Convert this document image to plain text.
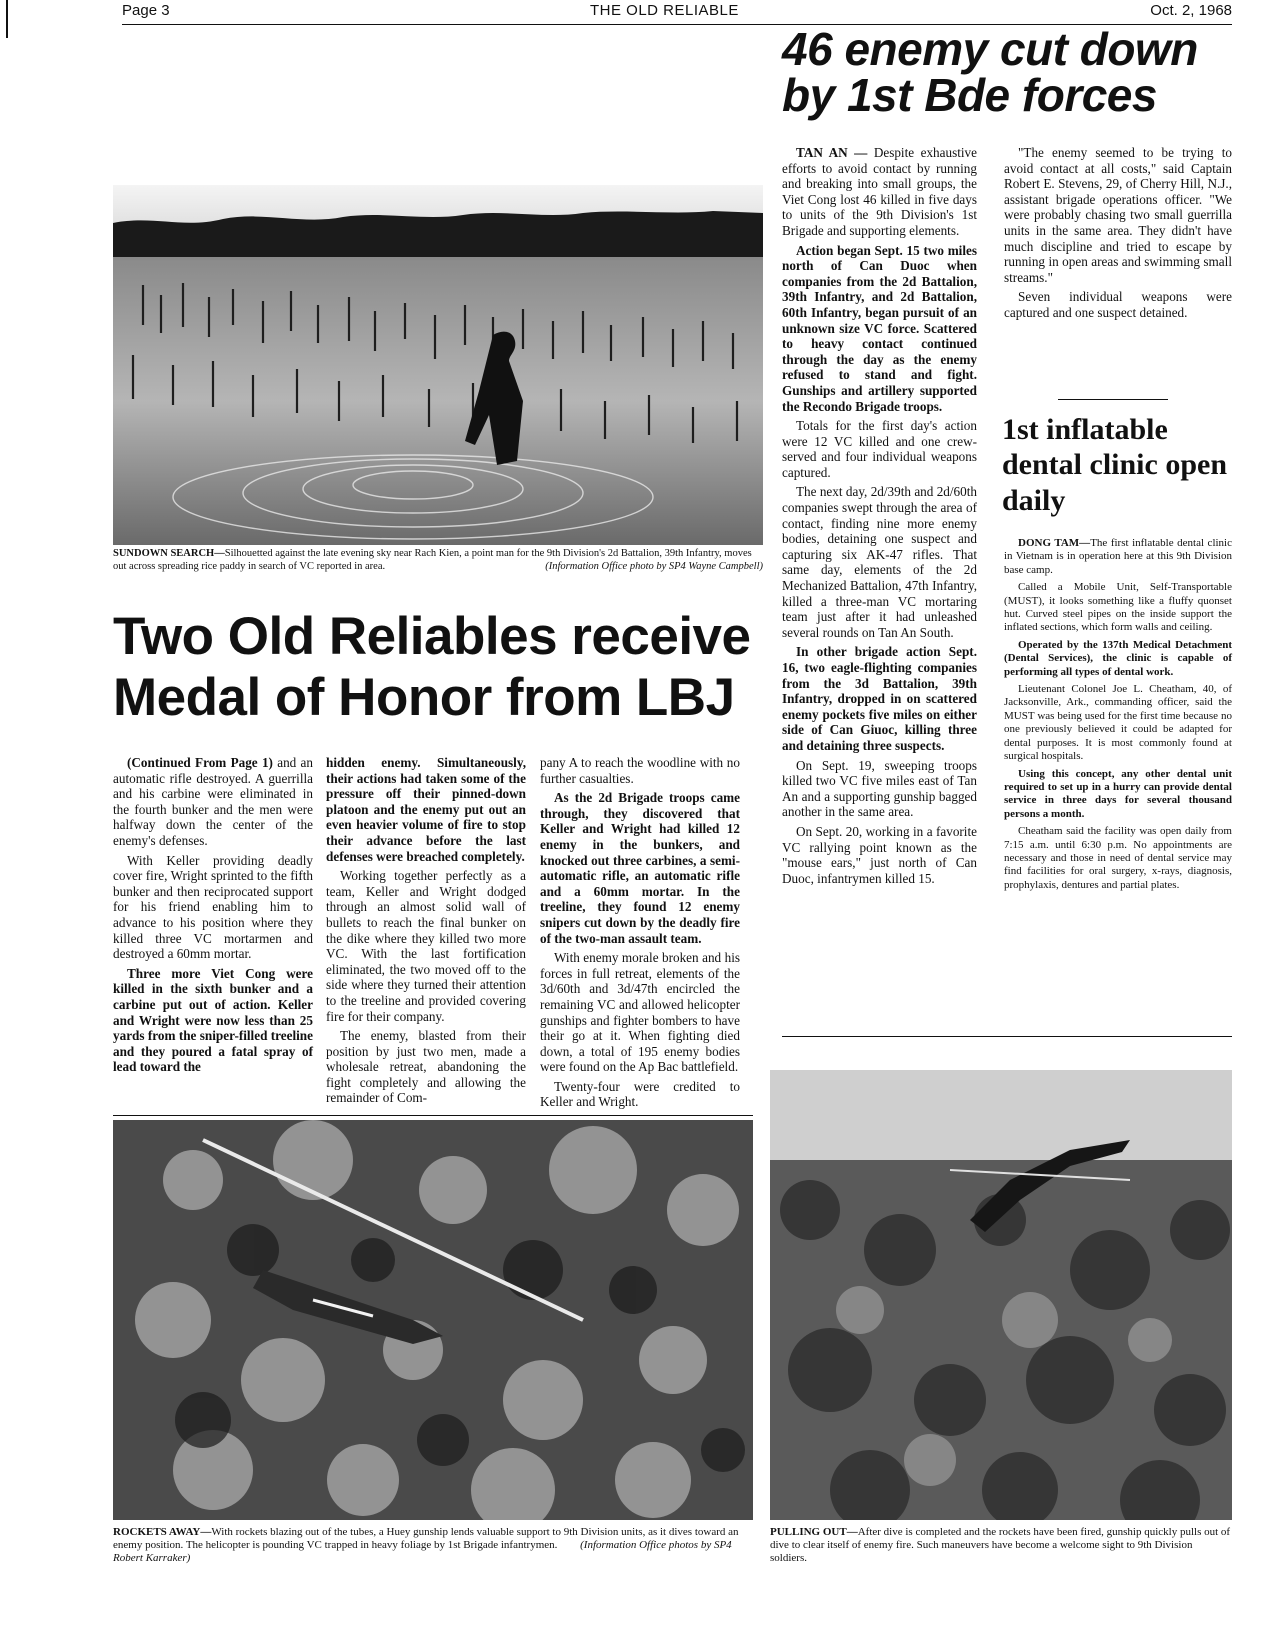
Page 3	THE OLD RELIABLE	Oct. 2, 1968
46 enemy cut down by 1st Bde forces
SUNDOWN SEARCH—Silhouetted against the late evening sky near Rach Kien, a point man for the 9th Division's 2d Battalion, 39th Infantry, moves out across spreading rice paddy in search of VC reported in area.	(Information Office photo by SP4 Wayne Campbell)
Two Old Reliables receive
Medal of Honor from LBJ

(Continued From Page 1) and an automatic rifle destroyed. A guerrilla and his carbine were eliminated in the fourth bunker and the men were halfway down the center of the enemy's defenses.

With Keller providing deadly cover fire, Wright sprinted to the fifth bunker and then reciprocated support for his friend enabling him to advance to his position where they killed three VC mortarmen and destroyed a 60mm mortar.

Three more Viet Cong were killed in the sixth bunker and a carbine put out of action. Keller and Wright were now less than 25 yards from the sniper-filled treeline and they poured a fatal spray of lead toward the

hidden enemy. Simultaneously, their actions had taken some of the pressure off their pinned-down platoon and the enemy put out an even heavier volume of fire to stop their advance before the last defenses were breached completely.

Working together perfectly as a team, Keller and Wright dodged through an almost solid wall of bullets to reach the final bunker on the dike where they killed two more VC. With the last fortification eliminated, the two moved off to the side where they turned their attention to the treeline and provided covering fire for their company.

The enemy, blasted from their position by just two men, made a wholesale retreat, abandoning the fight completely and allowing the remainder of Com-

pany A to reach the woodline with no further casualties.

As the 2d Brigade troops came through, they discovered that Keller and Wright had killed 12 enemy in the bunkers, and knocked out three carbines, a semi-automatic rifle, an automatic rifle and a 60mm mortar. In the treeline, they found 12 enemy snipers cut down by the deadly fire of the two-man assault team.

With enemy morale broken and his forces in full retreat, elements of the 3d/60th and 3d/47th encircled the remaining VC and allowed helicopter gunships and fighter bombers to have their go at it. When fighting died down, a total of 195 enemy bodies were found on the Ap Bac battlefield.

Twenty-four were credited to Keller and Wright.

TAN AN — Despite exhaustive efforts to avoid contact by running and breaking into small groups, the Viet Cong lost 46 killed in five days to units of the 9th Division's 1st Brigade and supporting elements.

Action began Sept. 15 two miles north of Can Duoc when companies from the 2d Battalion, 39th Infantry, and 2d Battalion, 60th Infantry, began pursuit of an unknown size VC force. Scattered to heavy contact continued through the day as the enemy refused to stand and fight. Gunships and artillery supported the Recondo Brigade troops.

Totals for the first day's action were 12 VC killed and one crew-served and four individual weapons captured.

The next day, 2d/39th and 2d/60th companies swept through the area of contact, finding nine more enemy bodies, detaining one suspect and capturing six AK-47 rifles. That same day, elements of the 2d Mechanized Battalion, 47th Infantry, killed a three-man VC mortaring team just after it had unleashed several rounds on Tan An South.

In other brigade action Sept. 16, two eagle-flighting companies from the 3d Battalion, 39th Infantry, dropped in on scattered enemy pockets five miles on either side of Can Giuoc, killing three and detaining three suspects.

On Sept. 19, sweeping troops killed two VC five miles east of Tan An and a supporting gunship bagged another in the same area.

On Sept. 20, working in a favorite VC rallying point known as the "mouse ears," just north of Can Duoc, infantrymen killed 15.

"The enemy seemed to be trying to avoid contact at all costs," said Captain Robert E. Stevens, 29, of Cherry Hill, N.J., assistant brigade operations officer. "We were probably chasing two small guerrilla units in the same area. They didn't have much discipline and tried to escape by running in open areas and swimming small streams."

Seven individual weapons were captured and one suspect detained.

1st inflatable dental clinic open daily

DONG TAM—The first inflatable dental clinic in Vietnam is in operation here at this 9th Division base camp.

Called a Mobile Unit, Self-Transportable (MUST), it looks something like a fluffy quonset hut. Curved steel pipes on the inside support the inflated sections, which form walls and ceiling.

Operated by the 137th Medical Detachment (Dental Services), the clinic is capable of performing all types of dental work.

Lieutenant Colonel Joe L. Cheatham, 40, of Jacksonville, Ark., commanding officer, said the MUST was being used for the first time because no one previously believed it could be adapted for dental purposes. It is most commonly found at surgical hospitals.

Using this concept, any other dental unit required to set up in a hurry can provide dental service in three days for several thousand persons a month.

Cheatham said the facility was open daily from 7:15 a.m. until 6:30 p.m. No appointments are necessary and those in need of dental service may find facilities for oral surgery, x-rays, diagnosis, prophylaxis, dentures and partial plates.

ROCKETS AWAY—With rockets blazing out of the tubes, a Huey gunship lends valuable support to 9th Division units, as it dives toward an enemy position. The helicopter is pounding VC trapped in heavy foliage by 1st Brigade infantrymen. (Information Office photos by SP4 Robert Karraker)
PULLING OUT—After dive is completed and the rockets have been fired, gunship quickly pulls out of dive to clear itself of enemy fire. Such maneuvers have become a welcome sight to 9th Division soldiers.
